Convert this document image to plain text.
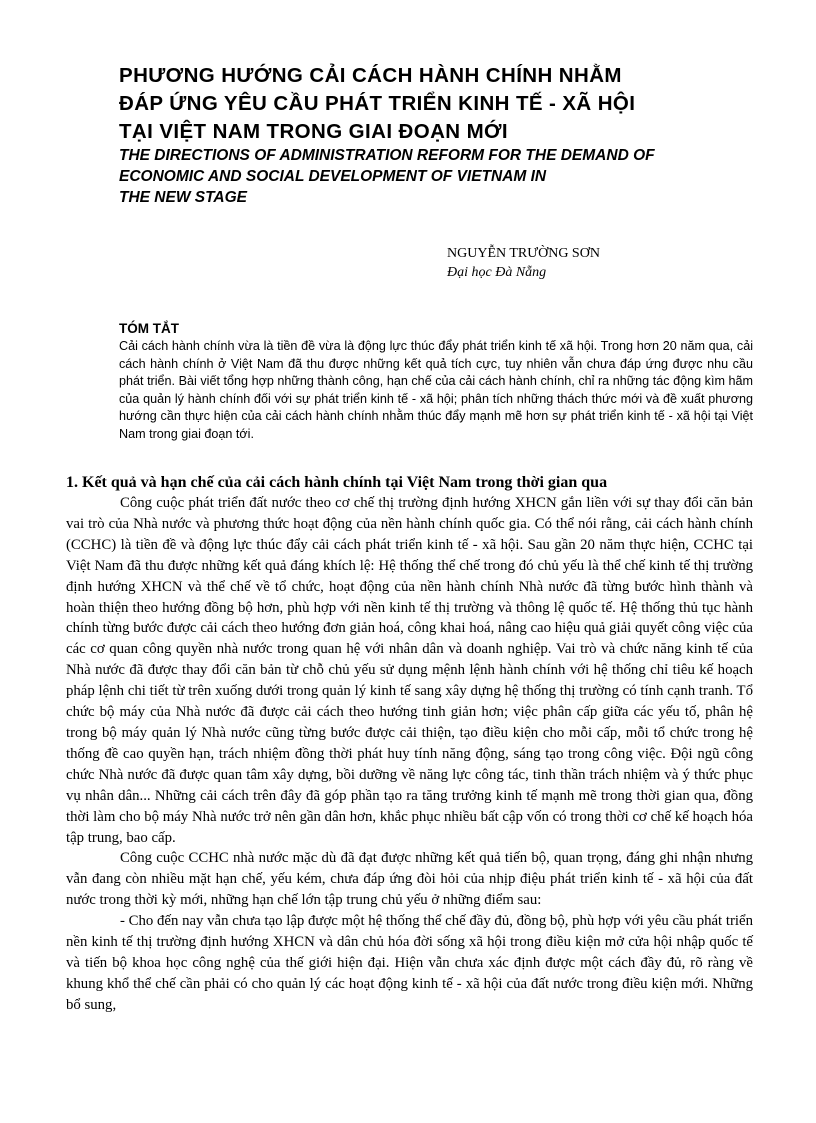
PHƯƠNG HƯỚNG CẢI CÁCH HÀNH CHÍNH NHẰM
ĐÁP ỨNG YÊU CẦU PHÁT TRIỂN KINH TẾ - XÃ HỘI
TẠI VIỆT NAM TRONG GIAI ĐOẠN MỚI
THE DIRECTIONS OF ADMINISTRATION REFORM FOR THE DEMAND OF
ECONOMIC AND SOCIAL DEVELOPMENT OF VIETNAM IN
THE NEW STAGE
NGUYỄN TRƯỜNG SƠN
Đại học Đà Nẵng
TÓM TẮT

Cải cách hành chính vừa là tiền đề vừa là động lực thúc đẩy phát triển kinh tế xã hội. Trong hơn 20 năm qua, cải cách hành chính ở Việt Nam đã thu được những kết quả tích cực, tuy nhiên vẫn chưa đáp ứng được nhu cầu phát triển. Bài viết tổng hợp những thành công, hạn chế của cải cách hành chính, chỉ ra những tác động kìm hãm của quản lý hành chính đối với sự phát triển kinh tế - xã hội; phân tích những thách thức mới và đề xuất phương hướng cần thực hiện của cải cách hành chính nhằm thúc đẩy mạnh mẽ hơn sự phát triển kinh tế - xã hội tại Việt Nam trong giai đoạn tới.

1. Kết quả và hạn chế của cải cách hành chính tại Việt Nam trong thời gian qua

Công cuộc phát triển đất nước theo cơ chế thị trường định hướng XHCN gắn liền với sự thay đổi căn bản vai trò của Nhà nước và phương thức hoạt động của nền hành chính quốc gia. Có thể nói rằng, cải cách hành chính (CCHC) là tiền đề và động lực thúc đẩy cải cách phát triển kinh tế - xã hội. Sau gần 20 năm thực hiện, CCHC tại Việt Nam đã thu được những kết quả đáng khích lệ: Hệ thống thể chế trong đó chủ yếu là thể chế kinh tế thị trường định hướng XHCN và thể chế về tổ chức, hoạt động của nền hành chính Nhà nước đã từng bước hình thành và hoàn thiện theo hướng đồng bộ hơn, phù hợp với nền kinh tế thị trường và thông lệ quốc tế. Hệ thống thủ tục hành chính từng bước được cải cách theo hướng đơn giản hoá, công khai hoá, nâng cao hiệu quả giải quyết công việc của các cơ quan công quyền nhà nước trong quan hệ với nhân dân và doanh nghiệp. Vai trò và chức năng kinh tế của Nhà nước đã được thay đổi căn bản từ chỗ chủ yếu sử dụng mệnh lệnh hành chính với hệ thống chỉ tiêu kế hoạch pháp lệnh chi tiết từ trên xuống dưới trong quản lý kinh tế sang xây dựng hệ thống thị trường có tính cạnh tranh. Tổ chức bộ máy của Nhà nước đã được cải cách theo hướng tinh giản hơn; việc phân cấp giữa các yếu tố, phân hệ trong bộ máy quản lý Nhà nước cũng từng bước được cải thiện, tạo điều kiện cho mỗi cấp, mỗi tổ chức trong hệ thống đề cao quyền hạn, trách nhiệm đồng thời phát huy tính năng động, sáng tạo trong công việc. Đội ngũ công chức Nhà nước đã được quan tâm xây dựng, bồi dưỡng về năng lực công tác, tinh thần trách nhiệm và ý thức phục vụ nhân dân... Những cải cách trên đây đã góp phần tạo ra tăng trưởng kinh tế mạnh mẽ trong thời gian qua, đồng thời làm cho bộ máy Nhà nước trở nên gần dân hơn, khắc phục nhiều bất cập vốn có trong thời cơ chế kế hoạch hóa tập trung, bao cấp.

Công cuộc CCHC nhà nước mặc dù đã đạt được những kết quả tiến bộ, quan trọng, đáng ghi nhận nhưng vẫn đang còn nhiều mặt hạn chế, yếu kém, chưa đáp ứng đòi hỏi của nhịp điệu phát triển kinh tế - xã hội của đất nước trong thời kỳ mới, những hạn chế lớn tập trung chủ yếu ở những điểm sau:

- Cho đến nay vẫn chưa tạo lập được một hệ thống thể chế đầy đủ, đồng bộ, phù hợp với yêu cầu phát triển nền kinh tế thị trường định hướng XHCN và dân chủ hóa đời sống xã hội trong điều kiện mở cửa hội nhập quốc tế và tiến bộ khoa học công nghệ của thế giới hiện đại. Hiện vẫn chưa xác định được một cách đầy đủ, rõ ràng về khung khổ thể chế cần phải có cho quản lý các hoạt động kinh tế - xã hội của đất nước trong điều kiện mới. Những bổ sung,
